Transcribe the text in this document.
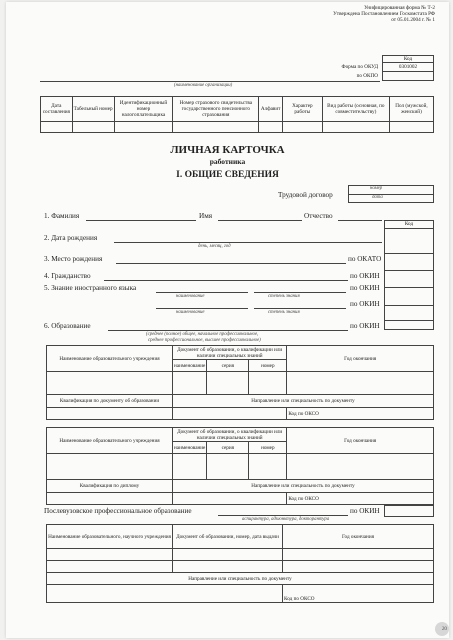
Унифицированная форма № Т-2
Утверждена Постановлением Госкомстата РФ
от 05.01.2004 г. № 1
Код
0301002
Форма по ОКУД
по ОКПО
(наименование организации)
Дата составления	Табельный номер	Идентификационный номер налогоплательщика	Номер страхового свидетельства государственного пенсионного страхования	Алфавит	Характер работы	Вид работы (основная, по совместительству)	Пол (мужской, женский)

ЛИЧНАЯ КАРТОЧКА
работника
I. ОБЩИЕ СВЕДЕНИЯ
Трудовой договор
номер
дата
Код
1. Фамилия	Имя	Отчество
2. Дата рождения
день, месяц, год
3. Место рождения	по ОКАТО
4. Гражданство	по ОКИН
5. Знание иностранного языка	по ОКИН
наименование	степень знания
по ОКИН
наименование	степень знания
6. Образование	по ОКИН
(среднее (полное) общее, начальное профессиональное,
среднее профессиональное, высшее профессиональное)
Наименование образовательного учреждения	Документ об образовании, о квалификации или наличии специальных знаний			Год окончания
	наименование	серия	номер	

Квалификация по документу об образовании	Направление или специальность по документу			
				Код по ОКСО
Наименование образовательного учреждения	Документ об образовании, о квалификации или наличии специальных знаний			Год окончания
	наименование	серия	номер	

Квалификация по диплому	Направление или специальность по документу			
				Код по ОКСО
Послевузовское профессиональное образование	по ОКИН
аспирантура, адъюнктура, докторантура
Наименование образовательного, научного учреждения	Документ об образовании, номер, дата выдачи	Год окончания

Направление или специальность по документу		
		Код по ОКСО
20
